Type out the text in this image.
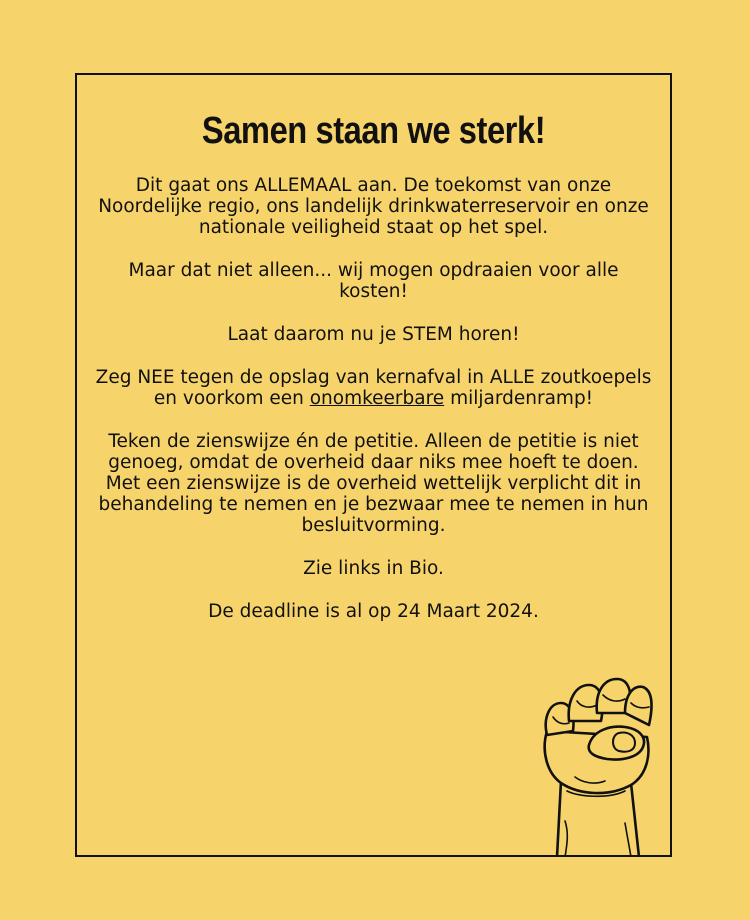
Samen staan we sterk!

Dit gaat ons ALLEMAAL aan. De toekomst van onze Noordelijke regio, ons landelijk drinkwaterreservoir en onze nationale veiligheid staat op het spel.

Maar dat niet alleen... wij mogen opdraaien voor alle kosten!

Laat daarom nu je STEM horen!

Zeg NEE tegen de opslag van kernafval in ALLE zoutkoepels en voorkom een onomkeerbare miljardenramp!

Teken de zienswijze én de petitie. Alleen de petitie is niet genoeg, omdat de overheid daar niks mee hoeft te doen. Met een zienswijze is de overheid wettelijk verplicht dit in behandeling te nemen en je bezwaar mee te nemen in hun besluitvorming.

Zie links in Bio.

De deadline is al op 24 Maart 2024.
